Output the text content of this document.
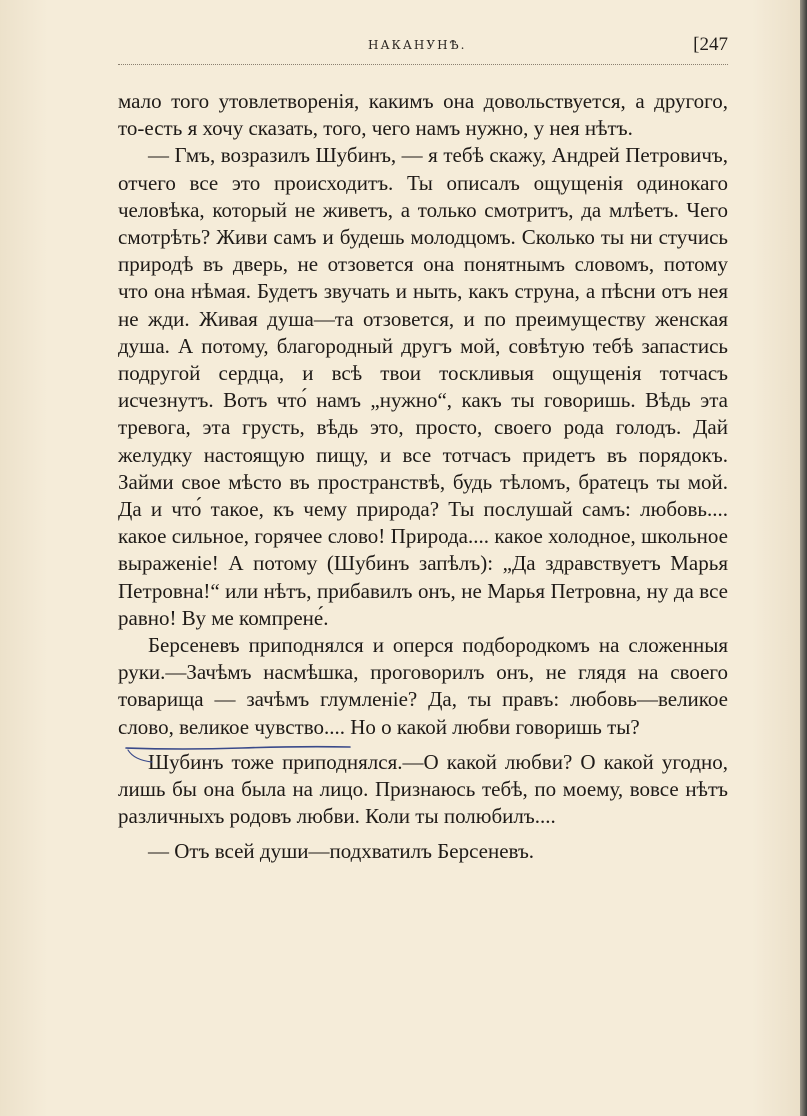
НАКАНУНѢ.	[247

мало того утовлетворенія, какимъ она довольствуется, а другого, то-есть я хочу сказать, того, чего намъ нужно, у нея нѣтъ.

— Гмъ, возразилъ Шубинъ, — я тебѣ скажу, Андрей Петровичъ, отчего все это происходитъ. Ты описалъ ощущенія одинокаго человѣка, который не живетъ, а только смотритъ, да млѣетъ. Чего смотрѣть? Живи самъ и будешь молодцомъ. Сколько ты ни стучись природѣ въ дверь, не отзовется она понятнымъ словомъ, потому что она нѣмая. Будетъ звучать и ныть, какъ струна, а пѣсни отъ нея не жди. Живая душа—та отзовется, и по преимуществу женская душа. А потому, благородный другъ мой, совѣтую тебѣ запастись подругой сердца, и всѣ твои тоскливыя ощущенія тотчасъ исчезнутъ. Вотъ что́ намъ „нужно“, какъ ты говоришь. Вѣдь эта тревога, эта грусть, вѣдь это, просто, своего рода голодъ. Дай желудку настоящую пищу, и все тотчасъ придетъ въ порядокъ. Займи свое мѣсто въ пространствѣ, будь тѣломъ, братецъ ты мой. Да и что́ такое, къ чему природа? Ты послушай самъ: любовь.... какое сильное, горячее слово! Природа.... какое холодное, школьное выраженіе! А потому (Шубинъ запѣлъ): „Да здравствуетъ Марья Петровна!“ или нѣтъ, прибавилъ онъ, не Марья Петровна, ну да все равно! Ву ме компрене́.

Берсеневъ приподнялся и оперся подбородкомъ на сложенныя руки.—Зачѣмъ насмѣшка, проговорилъ онъ, не глядя на своего товарища — зачѣмъ глумленіе? Да, ты правъ: любовь—великое слово, великое чувство.... Но о какой любви говоришь ты?

Шубинъ тоже приподнялся.—О какой любви? О какой угодно, лишь бы она была на лицо. Признаюсь тебѣ, по моему, вовсе нѣтъ различныхъ родовъ любви. Коли ты полюбилъ....

— Отъ всей души—подхватилъ Берсеневъ.
